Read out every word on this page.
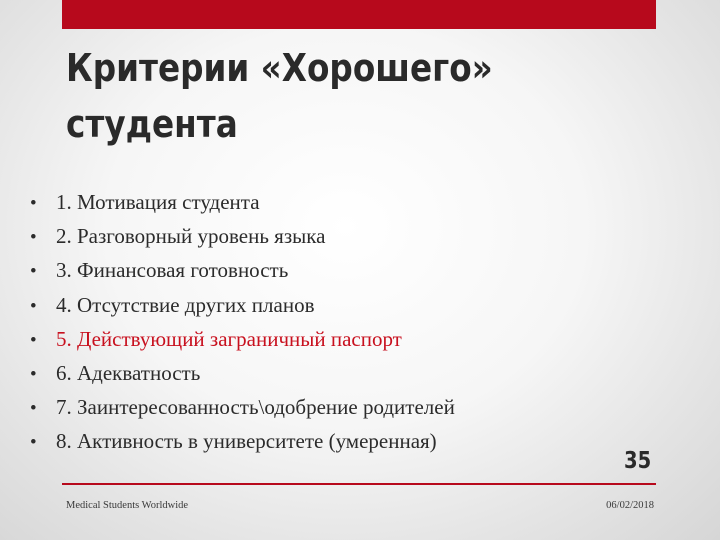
Критерии «Хорошего»
студента
• 1. Мотивация студента
• 2. Разговорный уровень языка
• 3. Финансовая готовность
• 4. Отсутствие других планов
• 5. Действующий заграничный паспорт
• 6. Адекватность
• 7. Заинтересованность\одобрение родителей
• 8. Активность в университете (умеренная)
35
Medical Students Worldwide	06/02/2018
